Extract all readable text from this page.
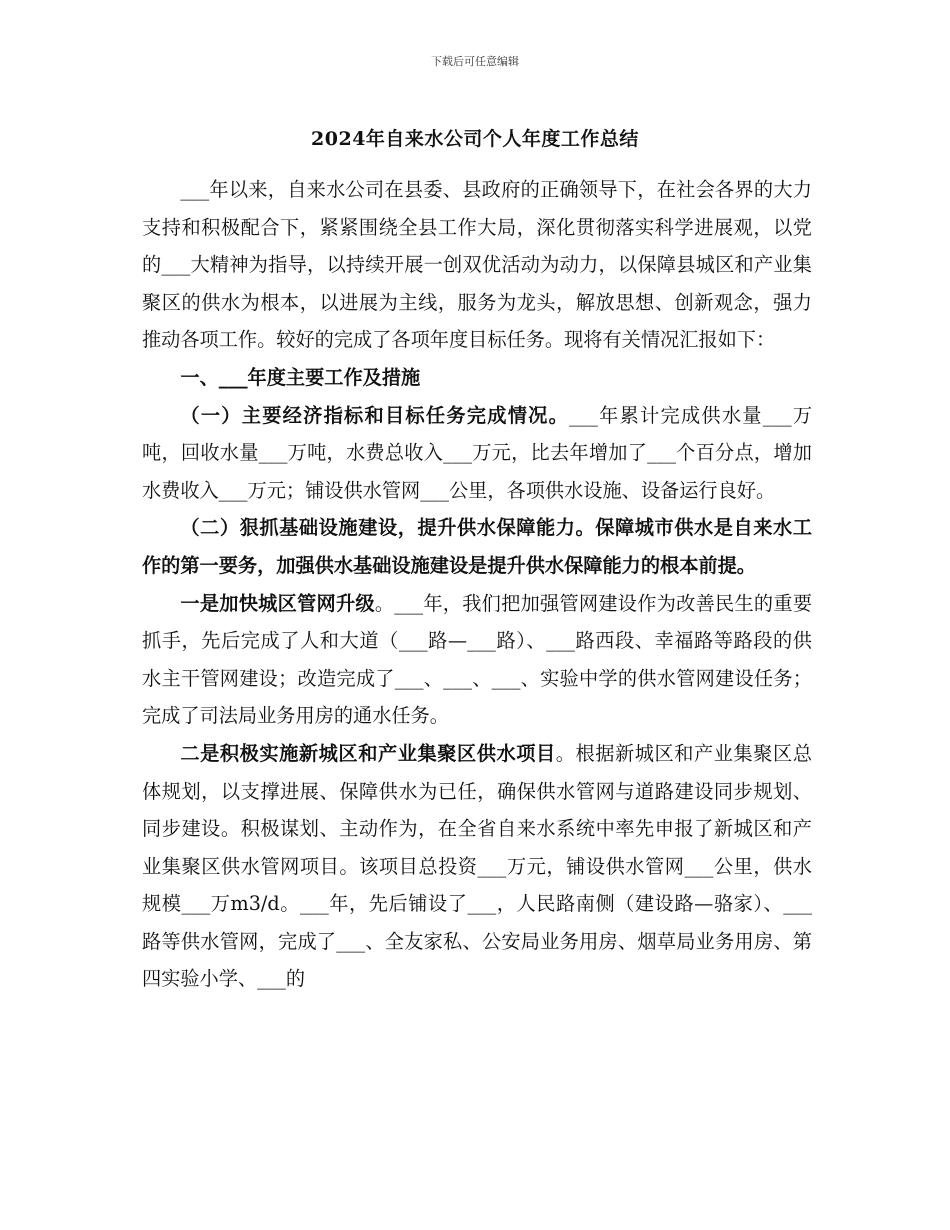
下载后可任意编辑
2024年自来水公司个人年度工作总结

___年以来，自来水公司在县委、县政府的正确领导下，在社会各界的大力支持和积极配合下，紧紧围绕全县工作大局，深化贯彻落实科学进展观，以党的___大精神为指导，以持续开展一创双优活动为动力，以保障县城区和产业集聚区的供水为根本，以进展为主线，服务为龙头，解放思想、创新观念，强力推动各项工作。较好的完成了各项年度目标任务。现将有关情况汇报如下：

一、___年度主要工作及措施

（一）主要经济指标和目标任务完成情况。___年累计完成供水量___万吨，回收水量___万吨，水费总收入___万元，比去年增加了___个百分点，增加水费收入___万元；铺设供水管网___公里，各项供水设施、设备运行良好。

（二）狠抓基础设施建设，提升供水保障能力。保障城市供水是自来水工作的第一要务，加强供水基础设施建设是提升供水保障能力的根本前提。

一是加快城区管网升级。___年，我们把加强管网建设作为改善民生的重要抓手，先后完成了人和大道（___路—___路）、___路西段、幸福路等路段的供水主干管网建设；改造完成了___、___、___、实验中学的供水管网建设任务；完成了司法局业务用房的通水任务。

二是积极实施新城区和产业集聚区供水项目。根据新城区和产业集聚区总体规划，以支撑进展、保障供水为已任，确保供水管网与道路建设同步规划、同步建设。积极谋划、主动作为，在全省自来水系统中率先申报了新城区和产业集聚区供水管网项目。该项目总投资___万元，铺设供水管网___公里，供水规模___万m3/d。___年，先后铺设了___，人民路南侧（建设路—骆家）、___路等供水管网，完成了___、全友家私、公安局业务用房、烟草局业务用房、第四实验小学、___的
